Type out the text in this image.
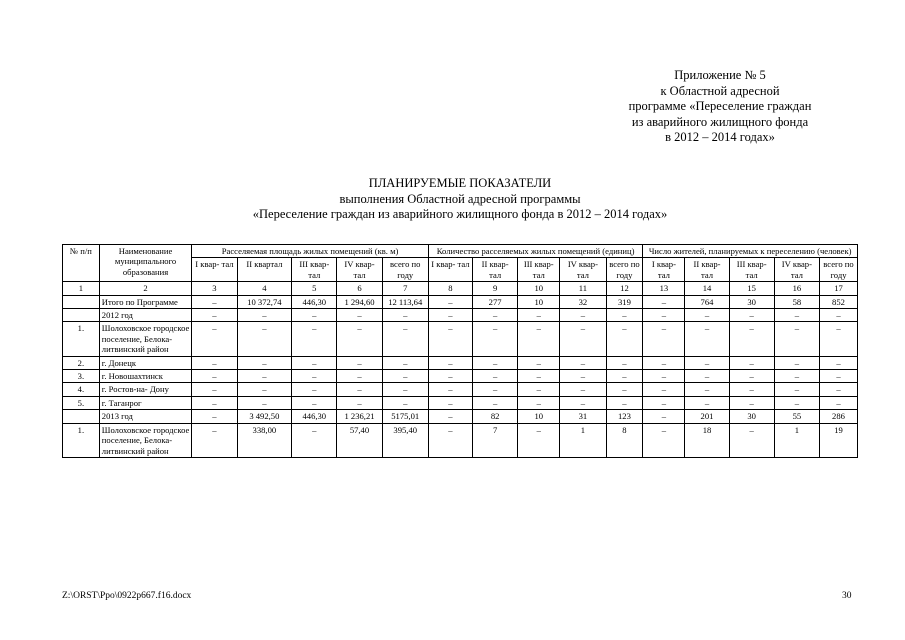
Приложение № 5
к Областной адресной
программе «Переселение граждан
из аварийного жилищного фонда
в 2012 – 2014 годах»
ПЛАНИРУЕМЫЕ ПОКАЗАТЕЛИ
выполнения Областной адресной программы
«Переселение граждан из аварийного жилищного фонда в 2012 – 2014 годах»
№ п/п	Наименование муниципального образования	Расселяемая площадь жилых помещений (кв. м)					Количество расселяемых жилых помещений (единиц)					Число жителей, планируемых к переселению (человек)				
		I квар- тал	II квартал	III квар- тал	IV квар- тал	всего по году	I квар- тал	II квар- тал	III квар- тал	IV квар- тал	всего по году	I квар- тал	II квар- тал	III квар- тал	IV квар- тал	всего по году
1	2	3	4	5	6	7	8	9	10	11	12	13	14	15	16	17
	Итого по Программе	–	10 372,74	446,30	1 294,60	12 113,64	–	277	10	32	319	–	764	30	58	852
	2012 год	–	–	–	–	–	–	–	–	–	–	–	–	–	–	–
1.	Шолоховское городское поселение, Белока- литвинский район	–	–	–	–	–	–	–	–	–	–	–	–	–	–	–
2.	г. Донецк	–	–	–	–	–	–	–	–	–	–	–	–	–	–	–
3.	г. Новошахтинск	–	–	–	–	–	–	–	–	–	–	–	–	–	–	–
4.	г. Ростов-на- Дону	–	–	–	–	–	–	–	–	–	–	–	–	–	–	–
5.	г. Таганрог	–	–	–	–	–	–	–	–	–	–	–	–	–	–	–
	2013 год	–	3 492,50	446,30	1 236,21	5175,01	–	82	10	31	123	–	201	30	55	286
1.	Шолоховское городское поселение, Белока- литвинский район	–	338,00	–	57,40	395,40	–	7	–	1	8	–	18	–	1	19
Z:\ORST\Ppo\0922p667.f16.docx	30
